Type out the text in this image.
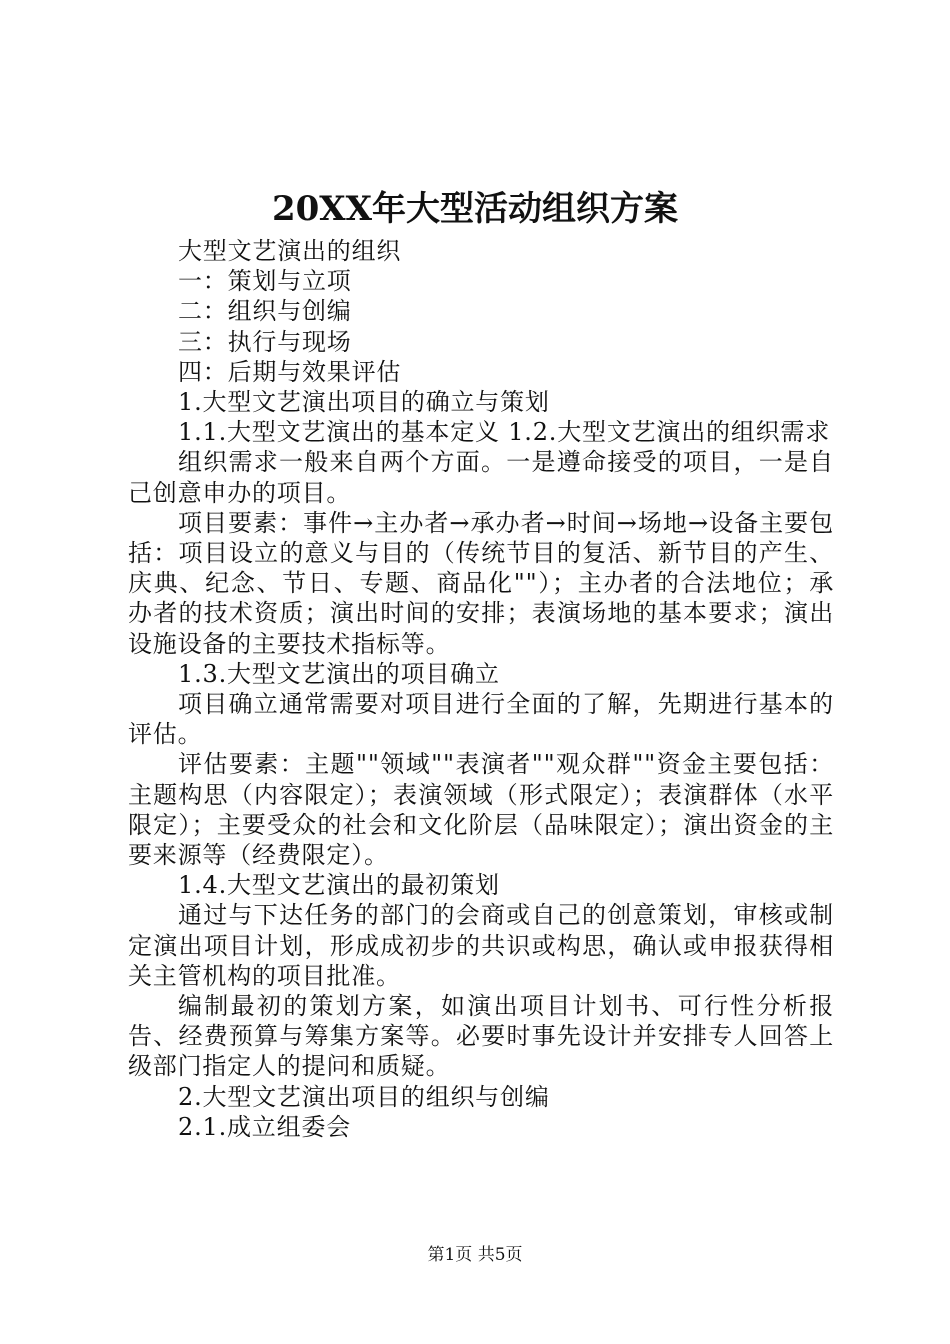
20XX年大型活动组织方案

大型文艺演出的组织

一：策划与立项

二：组织与创编

三：执行与现场

四：后期与效果评估

1.大型文艺演出项目的确立与策划

1.1.大型文艺演出的基本定义 1.2.大型文艺演出的组织需求

组织需求一般来自两个方面。一是遵命接受的项目，一是自己创意申办的项目。

项目要素：事件→主办者→承办者→时间→场地→设备主要包括：项目设立的意义与目的（传统节目的复活、新节目的产生、庆典、纪念、节日、专题、商品化""）；主办者的合法地位；承办者的技术资质；演出时间的安排；表演场地的基本要求；演出设施设备的主要技术指标等。

1.3.大型文艺演出的项目确立

项目确立通常需要对项目进行全面的了解，先期进行基本的评估。

评估要素：主题""领域""表演者""观众群""资金主要包括：主题构思（内容限定）；表演领域（形式限定）；表演群体（水平限定）；主要受众的社会和文化阶层（品味限定）；演出资金的主要来源等（经费限定）。

1.4.大型文艺演出的最初策划

通过与下达任务的部门的会商或自己的创意策划，审核或制定演出项目计划，形成成初步的共识或构思，确认或申报获得相关主管机构的项目批准。

编制最初的策划方案，如演出项目计划书、可行性分析报告、经费预算与筹集方案等。必要时事先设计并安排专人回答上级部门指定人的提问和质疑。

2.大型文艺演出项目的组织与创编

2.1.成立组委会

第1页 共5页
